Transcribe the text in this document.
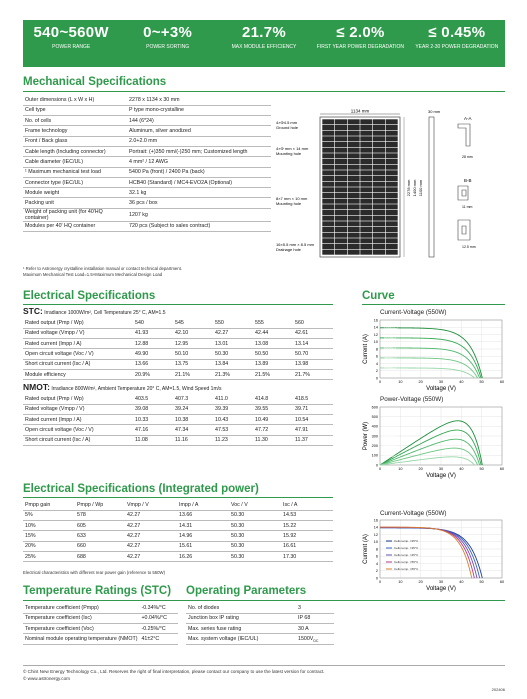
540~560W
POWER RANGE
0~+3%
POWER SORTING
21.7%
MAX MODULE EFFICIENCY
≤ 2.0%
FIRST YEAR POWER DEGRADATION
≤ 0.45%
YEAR 2-30 POWER DEGRADATION
Mechanical Specifications
Outer dimensions (L x W x H)	2278 x 1134 x 30 mm
Cell type	P type mono-crystalline
No. of cells	144 (6*24)
Frame technology	Aluminum, silver anodized
Front / Back glass	2.0+2.0 mm
Cable length (Including connector)	Portrait: (+)350 mm/(-)250 mm; Customized length
Cable diameter (IEC/UL)	4 mm² / 12 AWG
¹ Maximum mechanical test load	5400 Pa (front) / 2400 Pa (back)
Connector type (IEC/UL)	HCB40 (Standard) / MC4-EVO2A (Optional)
Module weight	32.1 kg
Packing unit	36 pcs / box
Weight of packing unit (for 40'HQ container)	1207 kg
Modules per 40' HQ container	720 pcs (Subject to sales contract)
¹ Refer to Astronergy crystalline installation manual or contact technical department.
Maximum Mechanical Test Load=1.5×Maximum Mechanical Design Load
1134 mm
2278 mm 1400 mm 1100 mm
4×Φ4.5 mm
Ground hole
4×Φ mm × 14 mm
Mounting hole
8×7 mm × 10 mm
Mounting hole
16×5.5 mm × 8.5 mm
Drainage hole
30 mm
A-A
28 mm
B-B
11 mm
12.5 mm
Electrical Specifications
STC: Irradiance 1000W/m², Cell Temperature 25° C, AM=1.5
Rated output (Pmp / Wp)	540	545	550	555	560
Rated voltage (Vmpp / V)	41.93	42.10	42.27	42.44	42.61
Rated current (Impp / A)	12.88	12.95	13.01	13.08	13.14
Open circuit voltage (Voc / V)	49.90	50.10	50.30	50.50	50.70
Short circuit current (Isc / A)	13.66	13.75	13.84	13.89	13.98
Module efficiency	20.9%	21.1%	21.3%	21.5%	21.7%
NMOT: Irradiance 800W/m², Ambient Temperature 20° C, AM=1.5, Wind Speed 1m/s
Rated output (Pmp / Wp)	403.5	407.3	411.0	414.8	418.5
Rated voltage (Vmpp / V)	39.08	39.24	39.39	39.55	39.71
Rated current (Impp / A)	10.33	10.38	10.43	10.49	10.54
Open circuit voltage (Voc / V)	47.16	47.34	47.53	47.72	47.91
Short circuit current (Isc / A)	11.08	11.16	11.23	11.30	11.37
Electrical Specifications (Integrated power)
Pmpp gain	Pmpp / Wp	Vmpp / V	Impp / A	Voc / V	Isc / A
5%	578	42.27	13.66	50.30	14.53
10%	605	42.27	14.31	50.30	15.22
15%	633	42.27	14.96	50.30	15.92
20%	660	42.27	15.61	50.30	16.61
25%	688	42.27	16.26	50.30	17.30
Electrical characteristics with different rear power gain (reference to 550W)
Temperature Ratings (STC) Operating Parameters
Temperature coefficient (Pmpp)	-0.34%/°C
Temperature coefficient (Isc)	+0.04%/°C
Temperature coefficient (Voc)	-0.25%/°C
Nominal module operating temperature (NMOT)	41±2°C
No. of diodes	3
Junction box IP rating	IP 68
Max. series fuse rating	30 A
Max. system voltage (IEC/UL)	$1500V_{DC}$
Curve
Current-Voltage (550W)
0	10	20	30	40	50	60
0
2
4
6
8
10
12
14
16
Voltage (V)
Current (A)
1000W/m²
800W/m²
600W/m²
400W/m²
200W/m²
Power-Voltage (550W)
0	10	20	30	40	50	60
0
100
200
300
400
500
600
Voltage (V)
Power (W)
1000W/m²
800W/m²
600W/m²
400W/m²
200W/m²
Current-Voltage (550W)
0	10	20	30	40	50	60
0
2
4
6
8
10
12
14
16
Voltage (V)
Current (A)	Cells temp. =25°C
Cells temp. =35°C
Cells temp. =45°C
Cells temp. =55°C
Cells temp. =65°C
© Chint New Energy Technology Co., Ltd. Reserves the right of final interpretation, please contact our company to use the latest version for contract.
© www.astronergy.com
202406
